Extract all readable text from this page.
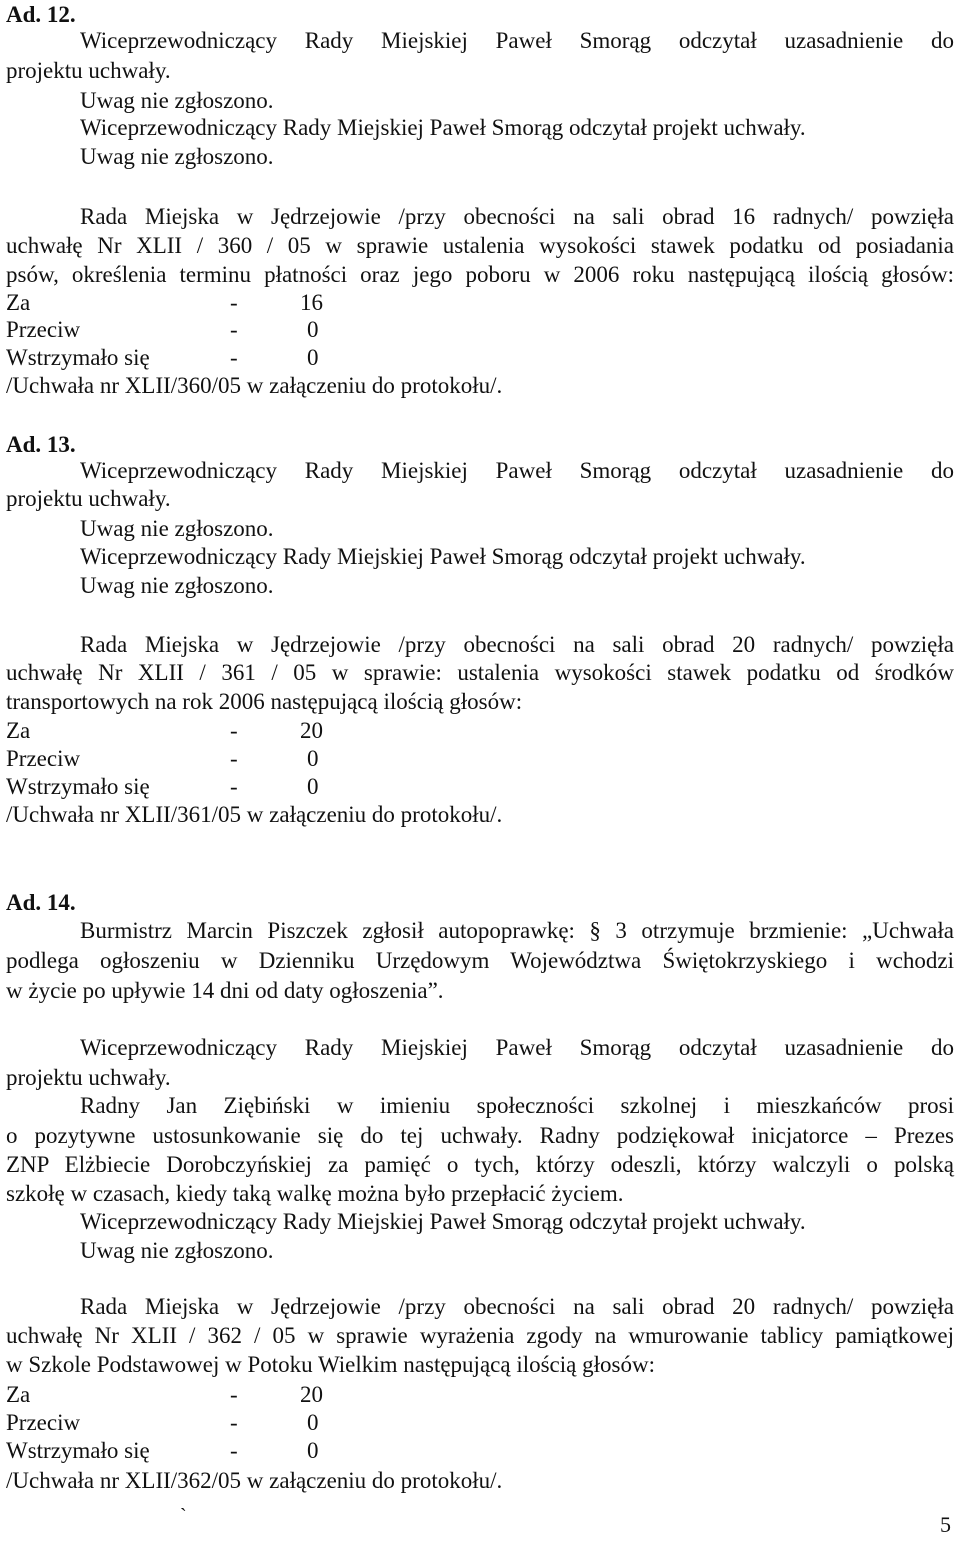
Ad. 12.
Wiceprzewodniczący Rady Miejskiej Paweł Smorąg odczytał uzasadnienie do
projektu uchwały.
Uwag nie zgłoszono.
Wiceprzewodniczący Rady Miejskiej Paweł Smorąg odczytał projekt uchwały.
Uwag nie zgłoszono.
Rada Miejska w Jędrzejowie /przy obecności na sali obrad 16 radnych/ powzięła
uchwałę Nr XLII / 360 / 05 w sprawie ustalenia wysokości stawek podatku od posiadania
psów, określenia terminu płatności oraz jego poboru w 2006 roku następującą ilością głosów:
Za	-	16
Przeciw	-	0
Wstrzymało się	-	0
/Uchwała nr XLII/360/05 w załączeniu do protokołu/.
Ad. 13.
Wiceprzewodniczący Rady Miejskiej Paweł Smorąg odczytał uzasadnienie do
projektu uchwały.
Uwag nie zgłoszono.
Wiceprzewodniczący Rady Miejskiej Paweł Smorąg odczytał projekt uchwały.
Uwag nie zgłoszono.
Rada Miejska w Jędrzejowie /przy obecności na sali obrad 20 radnych/ powzięła
uchwałę Nr XLII / 361 / 05 w sprawie: ustalenia wysokości stawek podatku od środków
transportowych na rok 2006 następującą ilością głosów:
Za	-	20
Przeciw	-	0
Wstrzymało się	-	0
/Uchwała nr XLII/361/05 w załączeniu do protokołu/.
Ad. 14.
Burmistrz Marcin Piszczek zgłosił autopoprawkę: § 3 otrzymuje brzmienie: „Uchwała
podlega ogłoszeniu w Dzienniku Urzędowym Województwa Świętokrzyskiego i wchodzi
w życie po upływie 14 dni od daty ogłoszenia”.
Wiceprzewodniczący Rady Miejskiej Paweł Smorąg odczytał uzasadnienie do
projektu uchwały.
Radny Jan Ziębiński w imieniu społeczności szkolnej i mieszkańców prosi
o pozytywne ustosunkowanie się do tej uchwały. Radny podziękował inicjatorce – Prezes
ZNP Elżbiecie Dorobczyńskiej za pamięć o tych, którzy odeszli, którzy walczyli o polską
szkołę w czasach, kiedy taką walkę można było przepłacić życiem.
Wiceprzewodniczący Rady Miejskiej Paweł Smorąg odczytał projekt uchwały.
Uwag nie zgłoszono.
Rada Miejska w Jędrzejowie /przy obecności na sali obrad 20 radnych/ powzięła
uchwałę Nr XLII / 362 / 05 w sprawie wyrażenia zgody na wmurowanie tablicy pamiątkowej
w Szkole Podstawowej w Potoku Wielkim następującą ilością głosów:
Za	-	20
Przeciw	-	0
Wstrzymało się	-	0
/Uchwała nr XLII/362/05 w załączeniu do protokołu/.
`	5
